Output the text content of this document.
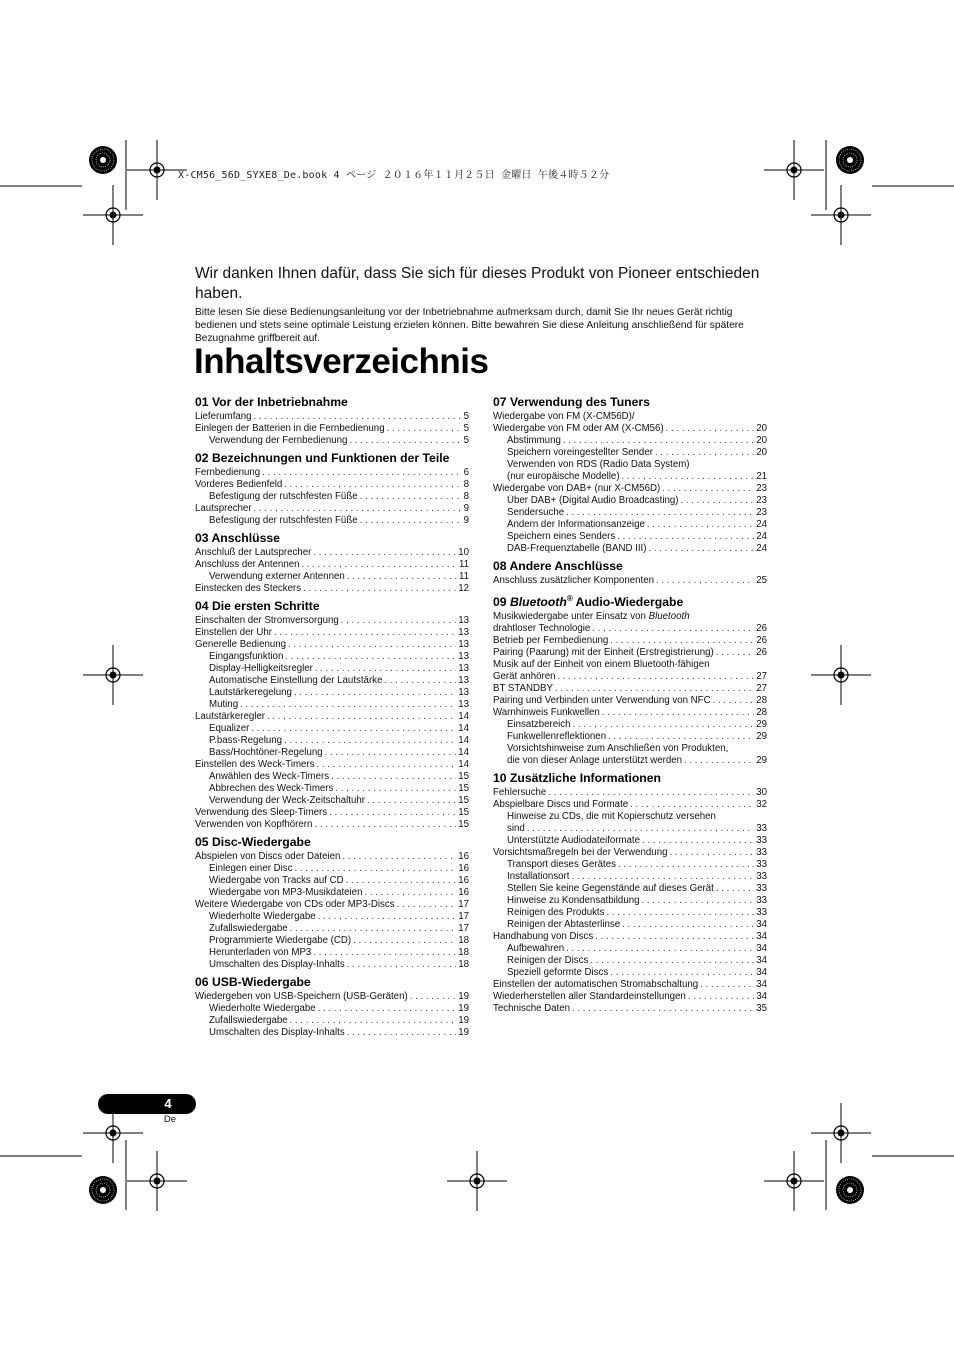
X-CM56_56D_SYXE8_De.book 4 ページ ２０１６年１１月２５日 金曜日 午後４時５２分
Wir danken Ihnen dafür, dass Sie sich für dieses Produkt von Pioneer entschieden haben.
Bitte lesen Sie diese Bedienungsanleitung vor der Inbetriebnahme aufmerksam durch, damit Sie Ihr neues Gerät richtig bedienen und stets seine optimale Leistung erzielen können. Bitte bewahren Sie diese Anleitung anschließend für spätere Bezugnahme griffbereit auf.
Inhaltsverzeichnis
01 Vor der Inbetriebnahme
Lieferumfang . . .	5
Einlegen der Batterien in die Fernbedienung . . .	5
Verwendung der Fernbedienung . . .	5
02 Bezeichnungen und Funktionen der Teile
Fernbedienung . . .	6
Vorderes Bedienfeld . . .	8
Befestigung der rutschfesten Füße . . .	8
Lautsprecher . . .	9
Befestigung der rutschfesten Füße . . .	9
03 Anschlüsse
Anschluß der Lautsprecher . . .	10
Anschluss der Antennen . . .	11
Verwendung externer Antennen . . .	11
Einstecken des Steckers . . .	12
04 Die ersten Schritte
Einschalten der Stromversorgung . . .	13
Einstellen der Uhr . . .	13
Generelle Bedienung . . .	13
Eingangsfunktion . . .	13
Display-Helligkeitsregler . . .	13
Automatische Einstellung der Lautstärke . . .	13
Lautstärkeregelung . . .	13
Muting . . .	13
Lautstärkeregler . . .	14
Equalizer . . .	14
P.bass-Regelung . . .	14
Bass/Hochtöner-Regelung . . .	14
Einstellen des Weck-Timers . . .	14
Anwählen des Weck-Timers . . .	15
Abbrechen des Weck-Timers . . .	15
Verwendung der Weck-Zeitschaltuhr . . .	15
Verwendung des Sleep-Timers . . .	15
Verwenden von Kopfhörern . . .	15
05 Disc-Wiedergabe
Abspielen von Discs oder Dateien . . .	16
Einlegen einer Disc . . .	16
Wiedergabe von Tracks auf CD . . .	16
Wiedergabe von MP3-Musikdateien . . .	16
Weitere Wiedergabe von CDs oder MP3-Discs . . .	17
Wiederholte Wiedergabe . . .	17
Zufallswiedergabe . . .	17
Programmierte Wiedergabe (CD) . . .	18
Herunterladen von MP3 . . .	18
Umschalten des Display-Inhalts . . .	18
06 USB-Wiedergabe
Wiedergeben von USB-Speichern (USB-Geräten) . . .	19
Wiederholte Wiedergabe . . .	19
Zufallswiedergabe . . .	19
Umschalten des Display-Inhalts . . .	19
07 Verwendung des Tuners
Wiedergabe von FM (X-CM56D)/
Wiedergabe von FM oder AM (X-CM56) . . .	20
Abstimmung . . .	20
Speichern voreingestellter Sender . . .	20
Verwenden von RDS (Radio Data System)
(nur europäische Modelle) . . .	21
Wiedergabe von DAB+ (nur X-CM56D) . . .	23
Über DAB+ (Digital Audio Broadcasting) . . .	23
Sendersuche . . .	23
Ändern der Informationsanzeige . . .	24
Speichern eines Senders . . .	24
DAB-Frequenztabelle (BAND III) . . .	24
08 Andere Anschlüsse
Anschluss zusätzlicher Komponenten . . .	25
09 Bluetooth® Audio-Wiedergabe
Musikwiedergabe unter Einsatz von Bluetooth
drahtloser Technologie . . .	26
Betrieb per Fernbedienung . . .	26
Pairing (Paarung) mit der Einheit (Erstregistrierung) . . .	26
Musik auf der Einheit von einem Bluetooth-fähigen
Gerät anhören . . .	27
BT STANDBY . . .	27
Pairing und Verbinden unter Verwendung von NFC . . .	28
Warnhinweis Funkwellen . . .	28
Einsatzbereich . . .	29
Funkwellenreflektionen . . .	29
Vorsichtshinweise zum Anschließen von Produkten,
die von dieser Anlage unterstützt werden . . .	29
10 Zusätzliche Informationen
Fehlersuche . . .	30
Abspielbare Discs und Formate . . .	32
Hinweise zu CDs, die mit Kopierschutz versehen
sind . . .	33
Unterstützte Audiodateiformate . . .	33
Vorsichtsmaßregeln bei der Verwendung . . .	33
Transport dieses Gerätes . . .	33
Installationsort . . .	33
Stellen Sie keine Gegenstände auf dieses Gerät . . .	33
Hinweise zu Kondensatbildung . . .	33
Reinigen des Produkts . . .	33
Reinigen der Abtasterlinse . . .	34
Handhabung von Discs . . .	34
Aufbewahren . . .	34
Reinigen der Discs . . .	34
Speziell geformte Discs . . .	34
Einstellen der automatischen Stromabschaltung . . .	34
Wiederherstellen aller Standardeinstellungen . . .	34
Technische Daten . . .	35
4
De
